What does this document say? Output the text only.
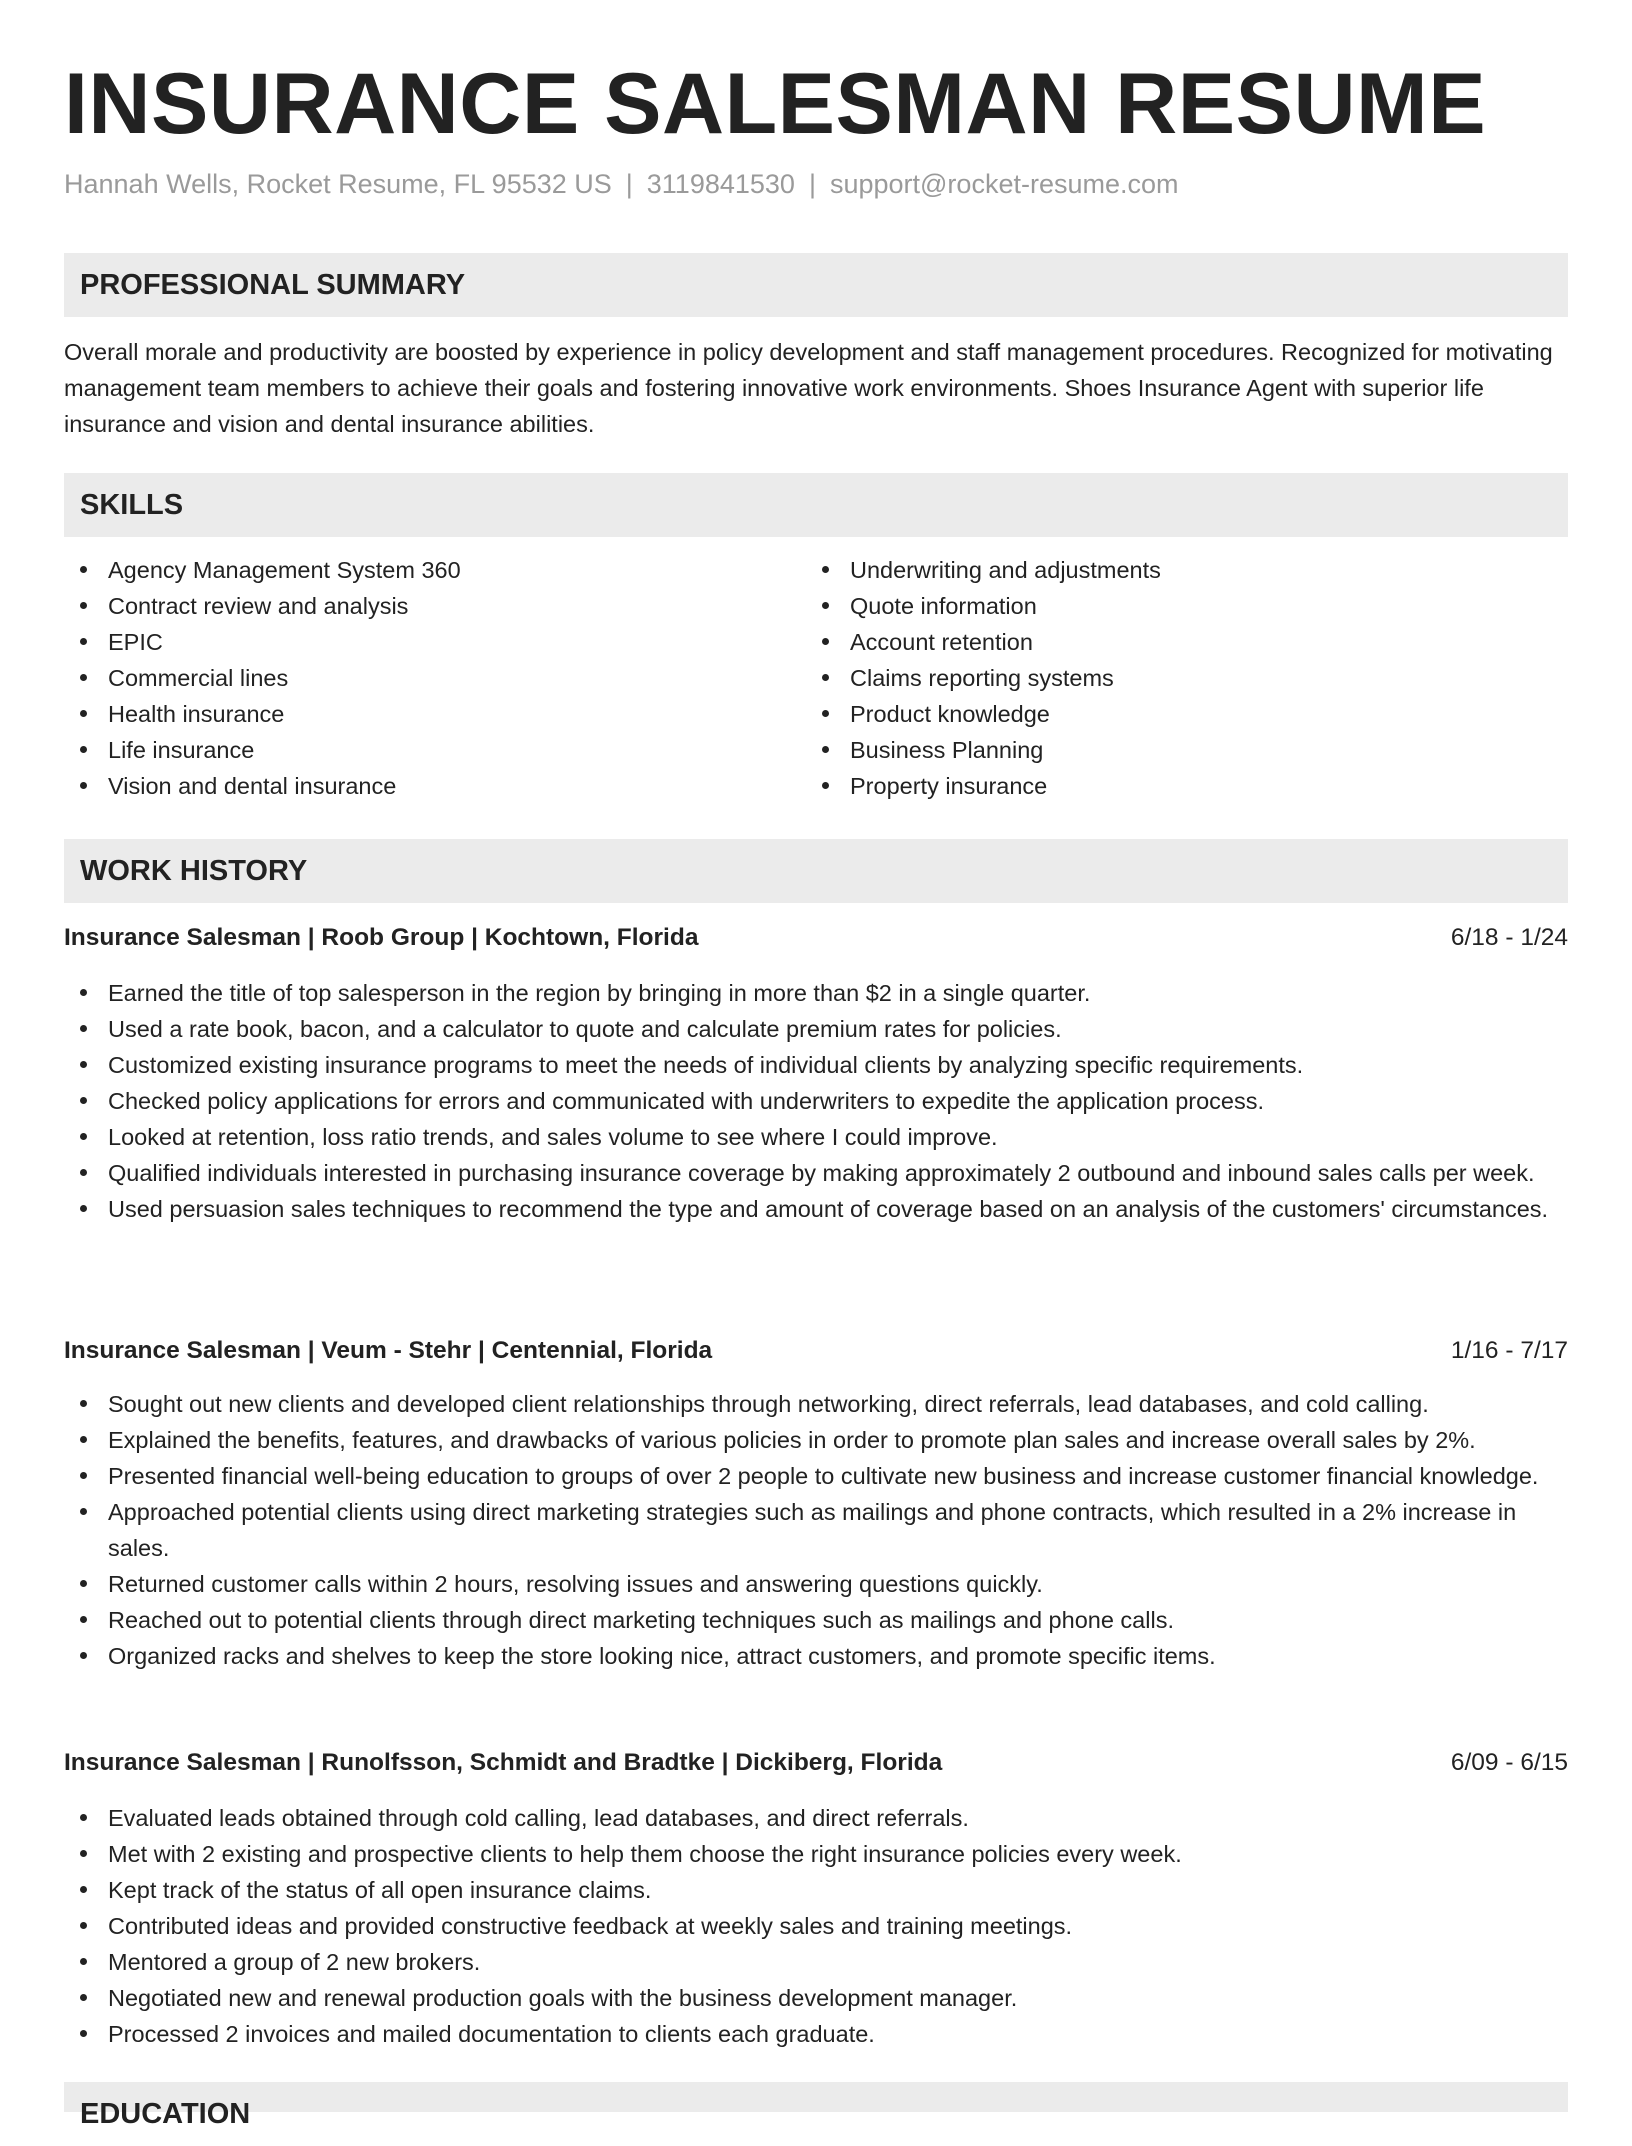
INSURANCE SALESMAN RESUME
Hannah Wells, Rocket Resume, FL 95532 US | 3119841530 | support@rocket-resume.com
PROFESSIONAL SUMMARY

Overall morale and productivity are boosted by experience in policy development and staff management procedures. Recognized for motivating management team members to achieve their goals and fostering innovative work environments. Shoes Insurance Agent with superior life insurance and vision and dental insurance abilities.

SKILLS
Agency Management System 360
Contract review and analysis
EPIC
Commercial lines
Health insurance
Life insurance
Vision and dental insurance
Underwriting and adjustments
Quote information
Account retention
Claims reporting systems
Product knowledge
Business Planning
Property insurance
WORK HISTORY
Insurance Salesman | Roob Group | Kochtown, Florida	6/18 - 1/24
Earned the title of top salesperson in the region by bringing in more than $2 in a single quarter.
Used a rate book, bacon, and a calculator to quote and calculate premium rates for policies.
Customized existing insurance programs to meet the needs of individual clients by analyzing specific requirements.
Checked policy applications for errors and communicated with underwriters to expedite the application process.
Looked at retention, loss ratio trends, and sales volume to see where I could improve.
Qualified individuals interested in purchasing insurance coverage by making approximately 2 outbound and inbound sales calls per week.
Used persuasion sales techniques to recommend the type and amount of coverage based on an analysis of the customers' circumstances.
Insurance Salesman | Veum - Stehr | Centennial, Florida	1/16 - 7/17
Sought out new clients and developed client relationships through networking, direct referrals, lead databases, and cold calling.
Explained the benefits, features, and drawbacks of various policies in order to promote plan sales and increase overall sales by 2%.
Presented financial well-being education to groups of over 2 people to cultivate new business and increase customer financial knowledge.
Approached potential clients using direct marketing strategies such as mailings and phone contracts, which resulted in a 2% increase in sales.
Returned customer calls within 2 hours, resolving issues and answering questions quickly.
Reached out to potential clients through direct marketing techniques such as mailings and phone calls.
Organized racks and shelves to keep the store looking nice, attract customers, and promote specific items.
Insurance Salesman | Runolfsson, Schmidt and Bradtke | Dickiberg, Florida	6/09 - 6/15
Evaluated leads obtained through cold calling, lead databases, and direct referrals.
Met with 2 existing and prospective clients to help them choose the right insurance policies every week.
Kept track of the status of all open insurance claims.
Contributed ideas and provided constructive feedback at weekly sales and training meetings.
Mentored a group of 2 new brokers.
Negotiated new and renewal production goals with the business development manager.
Processed 2 invoices and mailed documentation to clients each graduate.
EDUCATION
